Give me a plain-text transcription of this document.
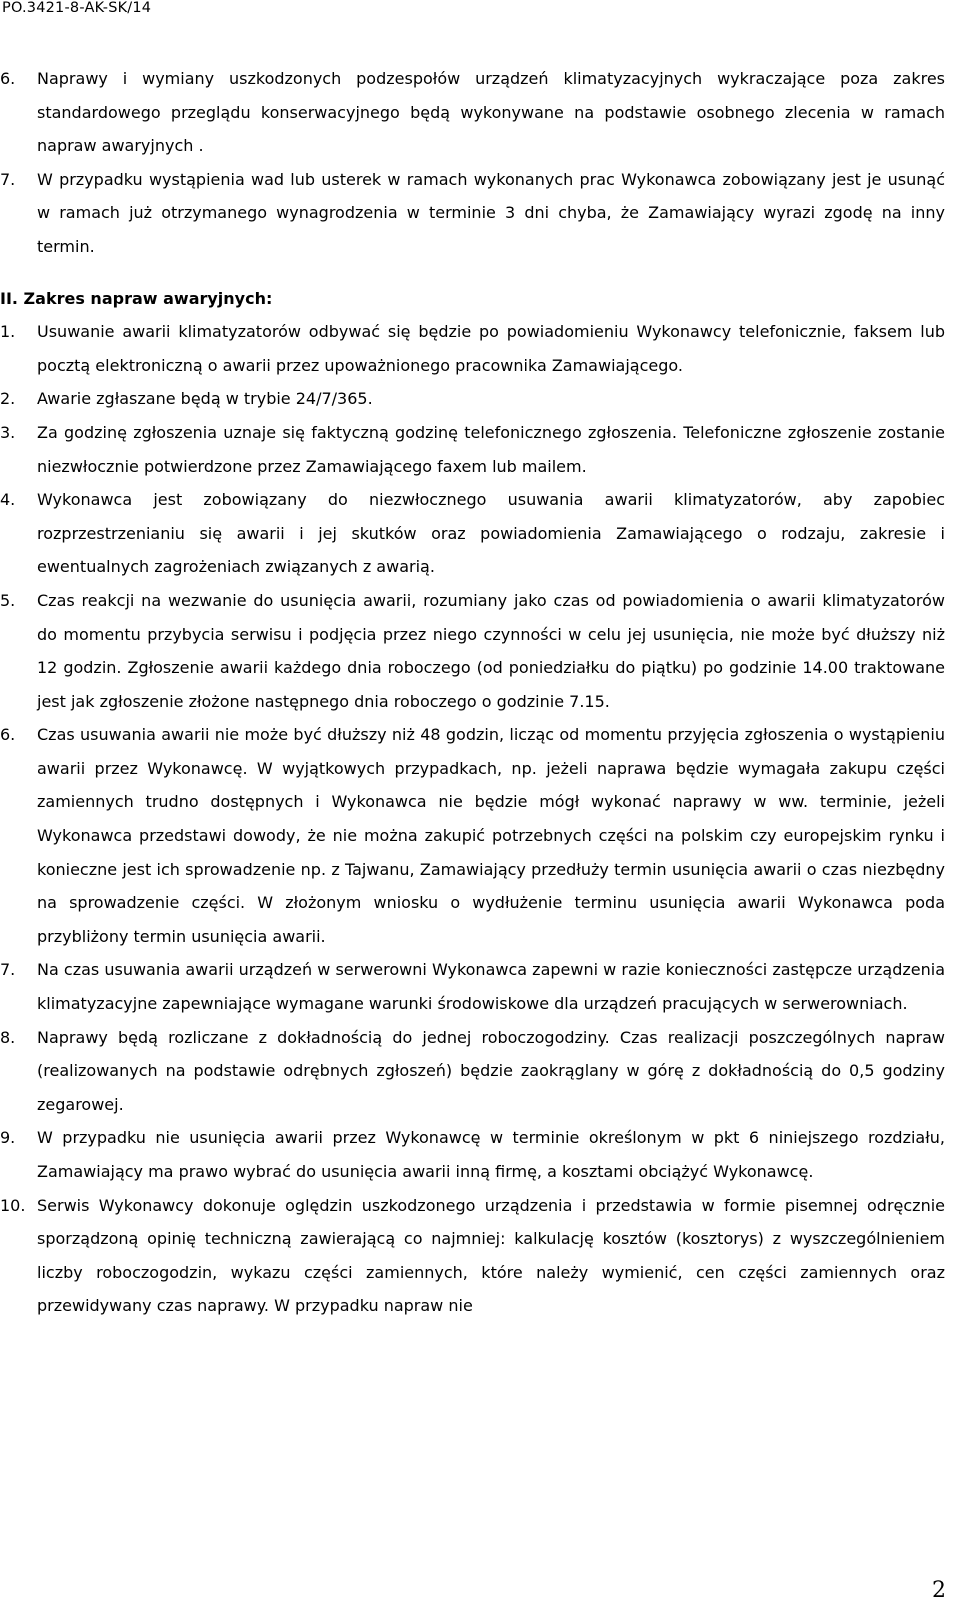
PO.3421-8-AK-SK/14
6. Naprawy i wymiany uszkodzonych podzespołów urządzeń klimatyzacyjnych wykraczające poza zakres standardowego przeglądu konserwacyjnego będą wykonywane na podstawie osobnego zlecenia w ramach napraw awaryjnych .
7. W przypadku wystąpienia wad lub usterek w ramach wykonanych prac Wykonawca zobowiązany jest je usunąć w ramach już otrzymanego wynagrodzenia w terminie 3 dni chyba, że Zamawiający wyrazi zgodę na inny termin.
II. Zakres napraw awaryjnych:
1. Usuwanie awarii klimatyzatorów odbywać się będzie po powiadomieniu Wykonawcy telefonicznie, faksem lub pocztą elektroniczną o awarii przez upoważnionego pracownika Zamawiającego.
2. Awarie zgłaszane będą w trybie 24/7/365.
3. Za godzinę zgłoszenia uznaje się faktyczną godzinę telefonicznego zgłoszenia. Telefoniczne zgłoszenie zostanie niezwłocznie potwierdzone przez Zamawiającego faxem lub mailem.
4. Wykonawca jest zobowiązany do niezwłocznego usuwania awarii klimatyzatorów, aby zapobiec rozprzestrzenianiu się awarii i jej skutków oraz powiadomienia Zamawiającego o rodzaju, zakresie i ewentualnych zagrożeniach związanych z awarią.
5. Czas reakcji na wezwanie do usunięcia awarii, rozumiany jako czas od powiadomienia o awarii klimatyzatorów do momentu przybycia serwisu i podjęcia przez niego czynności w celu jej usunięcia, nie może być dłuższy niż 12 godzin. Zgłoszenie awarii każdego dnia roboczego (od poniedziałku do piątku) po godzinie 14.00 traktowane jest jak zgłoszenie złożone następnego dnia roboczego o godzinie 7.15.
6. Czas usuwania awarii nie może być dłuższy niż 48 godzin, licząc od momentu przyjęcia zgłoszenia o wystąpieniu awarii przez Wykonawcę. W wyjątkowych przypadkach, np. jeżeli naprawa będzie wymagała zakupu części zamiennych trudno dostępnych i Wykonawca nie będzie mógł wykonać naprawy w ww. terminie, jeżeli Wykonawca przedstawi dowody, że nie można zakupić potrzebnych części na polskim czy europejskim rynku i konieczne jest ich sprowadzenie np. z Tajwanu, Zamawiający przedłuży termin usunięcia awarii o czas niezbędny na sprowadzenie części. W złożonym wniosku o wydłużenie terminu usunięcia awarii Wykonawca poda przybliżony termin usunięcia awarii.
7. Na czas usuwania awarii urządzeń w serwerowni Wykonawca zapewni w razie konieczności zastępcze urządzenia klimatyzacyjne zapewniające wymagane warunki środowiskowe dla urządzeń pracujących w serwerowniach.
8. Naprawy będą rozliczane z dokładnością do jednej roboczogodziny. Czas realizacji poszczególnych napraw (realizowanych na podstawie odrębnych zgłoszeń) będzie zaokrąglany w górę z dokładnością do 0,5 godziny zegarowej.
9. W przypadku nie usunięcia awarii przez Wykonawcę w terminie określonym w pkt 6 niniejszego rozdziału, Zamawiający ma prawo wybrać do usunięcia awarii inną firmę, a kosztami obciążyć Wykonawcę.
10. Serwis Wykonawcy dokonuje oględzin uszkodzonego urządzenia i przedstawia w formie pisemnej odręcznie sporządzoną opinię techniczną zawierającą co najmniej: kalkulację kosztów (kosztorys) z wyszczególnieniem liczby roboczogodzin, wykazu części zamiennych, które należy wymienić, cen części zamiennych oraz przewidywany czas naprawy. W przypadku napraw nie
2
